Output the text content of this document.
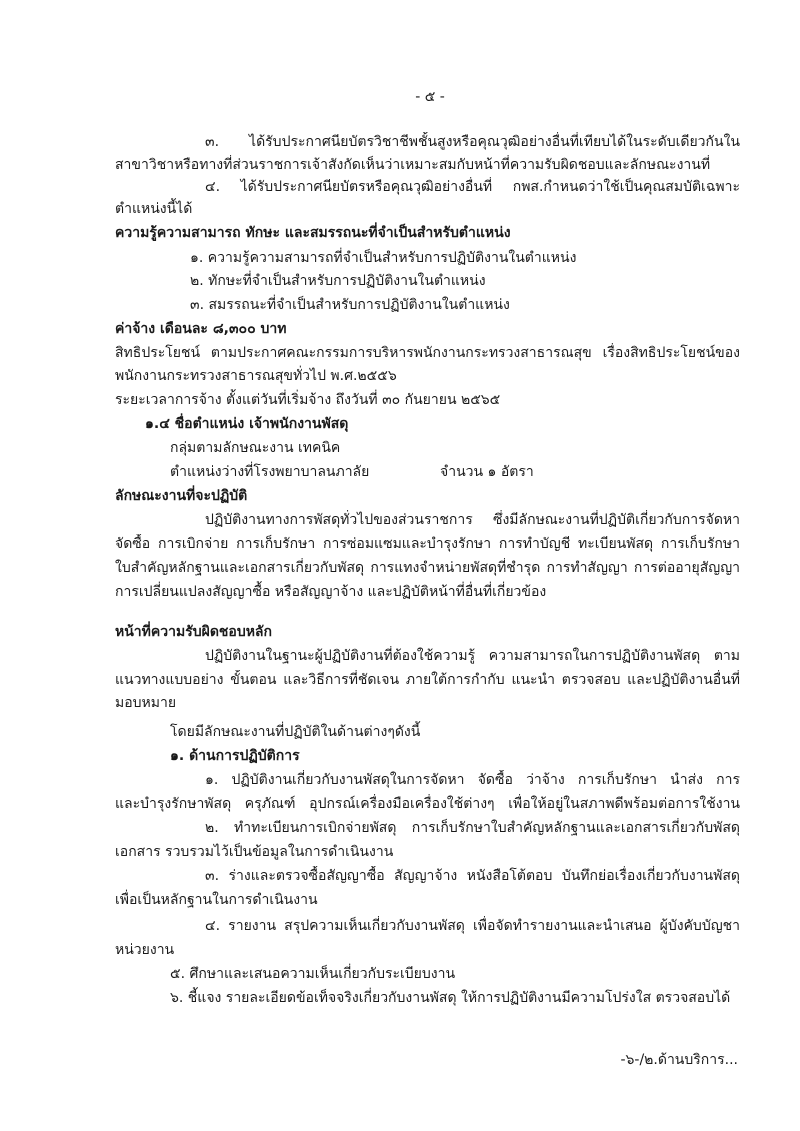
- ๕ -
๓. ได้รับประกาศนียบัตรวิชาชีพชั้นสูงหรือคุณวุฒิอย่างอื่นที่เทียบได้ในระดับเดียวกันใน
สาขาวิชาหรือทางที่ส่วนราชการเจ้าสังกัดเห็นว่าเหมาะสมกับหน้าที่ความรับผิดชอบและลักษณะงานที่
๔. ได้รับประกาศนียบัตรหรือคุณวุฒิอย่างอื่นที่ กพส.กำหนดว่าใช้เป็นคุณสมบัติเฉพาะ
ตำแหน่งนี้ได้
ความรู้ความสามารถ ทักษะ และสมรรถนะที่จำเป็นสำหรับตำแหน่ง
๑. ความรู้ความสามารถที่จำเป็นสำหรับการปฏิบัติงานในตำแหน่ง
๒. ทักษะที่จำเป็นสำหรับการปฏิบัติงานในตำแหน่ง
๓. สมรรถนะที่จำเป็นสำหรับการปฏิบัติงานในตำแหน่ง
ค่าจ้าง เดือนละ ๘,๓๐๐ บาท
สิทธิประโยชน์ ตามประกาศคณะกรรมการบริหารพนักงานกระทรวงสาธารณสุข เรื่องสิทธิประโยชน์ของ
พนักงานกระทรวงสาธารณสุขทั่วไป พ.ศ.๒๕๕๖
ระยะเวลาการจ้าง ตั้งแต่วันที่เริ่มจ้าง ถึงวันที่ ๓๐ กันยายน ๒๕๖๕
๑.๔ ชื่อตำแหน่ง เจ้าพนักงานพัสดุ
กลุ่มตามลักษณะงาน เทคนิค
ตำแหน่งว่างที่โรงพยาบาลนภาลัย	จำนวน ๑ อัตรา
ลักษณะงานที่จะปฏิบัติ
ปฏิบัติงานทางการพัสดุทั่วไปของส่วนราชการ ซึ่งมีลักษณะงานที่ปฏิบัติเกี่ยวกับการจัดหา
จัดซื้อ การเบิกจ่าย การเก็บรักษา การซ่อมแซมและบำรุงรักษา การทำบัญชี ทะเบียนพัสดุ การเก็บรักษา
ใบสำคัญหลักฐานและเอกสารเกี่ยวกับพัสดุ การแทงจำหน่ายพัสดุที่ชำรุด การทำสัญญา การต่ออายุสัญญา
การเปลี่ยนแปลงสัญญาซื้อ หรือสัญญาจ้าง และปฏิบัติหน้าที่อื่นที่เกี่ยวข้อง
หน้าที่ความรับผิดชอบหลัก
ปฏิบัติงานในฐานะผู้ปฏิบัติงานที่ต้องใช้ความรู้ ความสามารถในการปฏิบัติงานพัสดุ ตาม
แนวทางแบบอย่าง ขั้นตอน และวิธีการที่ชัดเจน ภายใต้การกำกับ แนะนำ ตรวจสอบ และปฏิบัติงานอื่นที่
มอบหมาย
โดยมีลักษณะงานที่ปฏิบัติในด้านต่างๆดังนี้
๑. ด้านการปฏิบัติการ
๑. ปฏิบัติงานเกี่ยวกับงานพัสดุในการจัดหา จัดซื้อ ว่าจ้าง การเก็บรักษา นำส่ง การ
และบำรุงรักษาพัสดุ ครุภัณฑ์ อุปกรณ์เครื่องมือเครื่องใช้ต่างๆ เพื่อให้อยู่ในสภาพดีพร้อมต่อการใช้งาน
๒. ทำทะเบียนการเบิกจ่ายพัสดุ การเก็บรักษาใบสำคัญหลักฐานและเอกสารเกี่ยวกับพัสดุ
เอกสาร รวบรวมไว้เป็นข้อมูลในการดำเนินงาน
๓. ร่างและตรวจซื้อสัญญาซื้อ สัญญาจ้าง หนังสือโต้ตอบ บันทึกย่อเรื่องเกี่ยวกับงานพัสดุ
เพื่อเป็นหลักฐานในการดำเนินงาน
๔. รายงาน สรุปความเห็นเกี่ยวกับงานพัสดุ เพื่อจัดทำรายงานและนำเสนอ ผู้บังคับบัญชา
หน่วยงาน
๕. ศึกษาและเสนอความเห็นเกี่ยวกับระเบียบงาน
๖. ชี้แจง รายละเอียดข้อเท็จจริงเกี่ยวกับงานพัสดุ ให้การปฏิบัติงานมีความโปร่งใส ตรวจสอบได้
-๖-/๒.ด้านบริการ...
